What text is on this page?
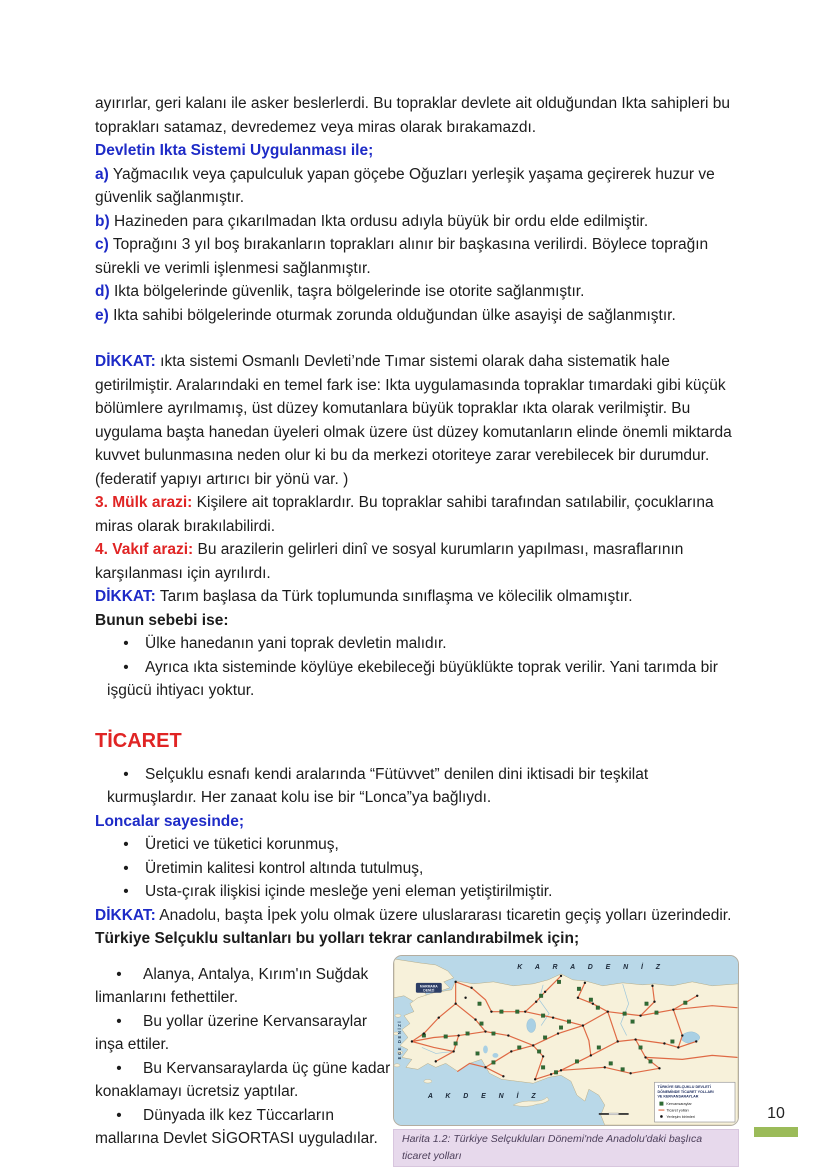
ayırırlar, geri kalanı ile asker beslerlerdi. Bu topraklar devlete ait olduğundan Ikta sahipleri bu toprakları satamaz, devredemez veya miras olarak bırakamazdı.

Devletin Ikta Sistemi Uygulanması ile;

a) Yağmacılık veya çapulculuk yapan göçebe Oğuzları yerleşik yaşama geçirerek huzur ve güvenlik sağlanmıştır.

b) Hazineden para çıkarılmadan Ikta ordusu adıyla büyük bir ordu elde edilmiştir.

c) Toprağını 3 yıl boş bırakanların toprakları alınır bir başkasına verilirdi. Böylece toprağın sürekli ve verimli işlenmesi sağlanmıştır.

d) Ikta bölgelerinde güvenlik, taşra bölgelerinde ise otorite sağlanmıştır.

e) Ikta sahibi bölgelerinde oturmak zorunda olduğundan ülke asayişi de sağlanmıştır.

DİKKAT: ıkta sistemi Osmanlı Devleti’nde Tımar sistemi olarak daha sistematik hale getirilmiştir. Aralarındaki en temel fark ise: Ikta uygulamasında topraklar tımardaki gibi küçük bölümlere ayrılmamış, üst düzey komutanlara büyük topraklar ıkta olarak verilmiştir. Bu uygulama başta hanedan üyeleri olmak üzere üst düzey komutanların elinde önemli miktarda kuvvet bulunmasına neden olur ki bu da merkezi otoriteye zarar verebilecek bir durumdur. (federatif yapıyı artırıcı bir yönü var. )

3. Mülk arazi: Kişilere ait topraklardır. Bu topraklar sahibi tarafından satılabilir, çocuklarına miras olarak bırakılabilirdi.

4. Vakıf arazi: Bu arazilerin gelirleri dinî ve sosyal kurumların yapılması, masraflarının karşılanması için ayrılırdı.

DİKKAT: Tarım başlasa da Türk toplumunda sınıflaşma ve kölecilik olmamıştır.

Bunun sebebi ise:

• Ülke hanedanın yani toprak devletin malıdır.

• Ayrıca ıkta sisteminde köylüye ekebileceği büyüklükte toprak verilir. Yani tarımda bir işgücü ihtiyacı yoktur.

TİCARET

• Selçuklu esnafı kendi aralarında “Fütüvvet” denilen dini iktisadi bir teşkilat kurmuşlardır. Her zanaat kolu ise bir “Lonca”ya bağlıydı.

Loncalar sayesinde;

• Üretici ve tüketici korunmuş,

• Üretimin kalitesi kontrol altında tutulmuş,

• Usta-çırak ilişkisi içinde mesleğe yeni eleman yetiştirilmiştir.

DİKKAT: Anadolu, başta İpek yolu olmak üzere uluslararası ticaretin geçiş yolları üzerindedir. Türkiye Selçuklu sultanları bu yolları tekrar canlandırabilmek için;

• Alanya, Antalya, Kırım'ın Suğdak limanlarını fethettiler.

• Bu yollar üzerine Kervansaraylar inşa ettiler.

• Bu Kervansaraylarda üç güne kadar konaklamayı ücretsiz yaptılar.

• Dünyada ilk kez Tüccarların mallarına Devlet SİGORTASI uyguladılar.

K A R A D E N İ Z
A K D E N İ Z
EGE DENİZİ
MARMARA
DENİZİ
TÜRKİYE SELÇUKLU DEVLETİ
DÖNEMİNDE TİCARET YOLLARI
VE KERVANSARAYLAR
Kervansaraylar
Ticaret yolları
Yerleşim birimleri
Harita 1.2: Türkiye Selçukluları Dönemi'nde Anadolu'daki başlıca ticaret yolları
10
